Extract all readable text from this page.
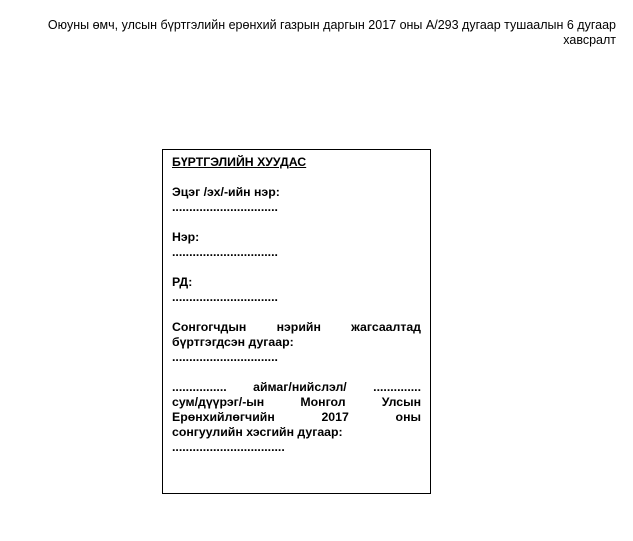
Оюуны өмч, улсын бүртгэлийн ерөнхий газрын даргын 2017 оны А/293 дугаар тушаалын 6 дугаар
хавсралт
БҮРТГЭЛИЙН ХУУДАС
Эцэг /эх/-ийн нэр:
...............................
Нэр:
...............................
РД:
...............................
Сонгогчдын нэрийн жагсаалтад
бүртгэгдсэн дугаар:
...............................
................ аймаг/нийслэл/ ..............
сум/дүүрэг/-ын Монгол Улсын
Ерөнхийлөгчийн 2017 оны
сонгуулийн хэсгийн дугаар:
.................................
